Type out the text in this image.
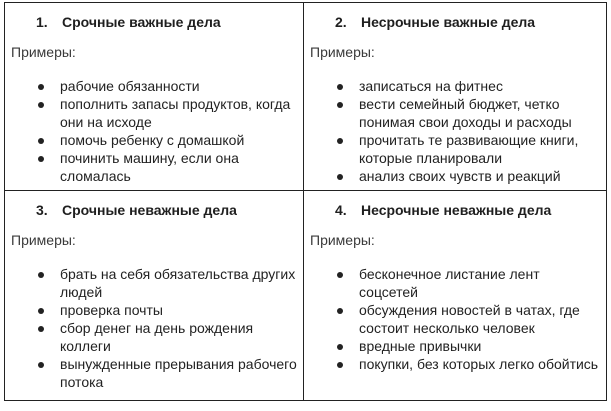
1.	Срочные важные дела
Примеры:
рабочие обязанности
пополнить запасы продуктов, когда они на исходе
помочь ребенку с домашкой
починить машину, если она сломалась
2.	Несрочные важные дела
Примеры:
записаться на фитнес
вести семейный бюджет, четко понимая свои доходы и расходы
прочитать те развивающие книги, которые планировали
анализ своих чувств и реакций
3.	Срочные неважные дела
Примеры:
брать на себя обязательства других людей
проверка почты
сбор денег на день рождения коллеги
вынужденные прерывания рабочего потока
4.	Несрочные неважные дела
Примеры:
бесконечное листание лент соцсетей
обсуждения новостей в чатах, где состоит несколько человек
вредные привычки
покупки, без которых легко обойтись
